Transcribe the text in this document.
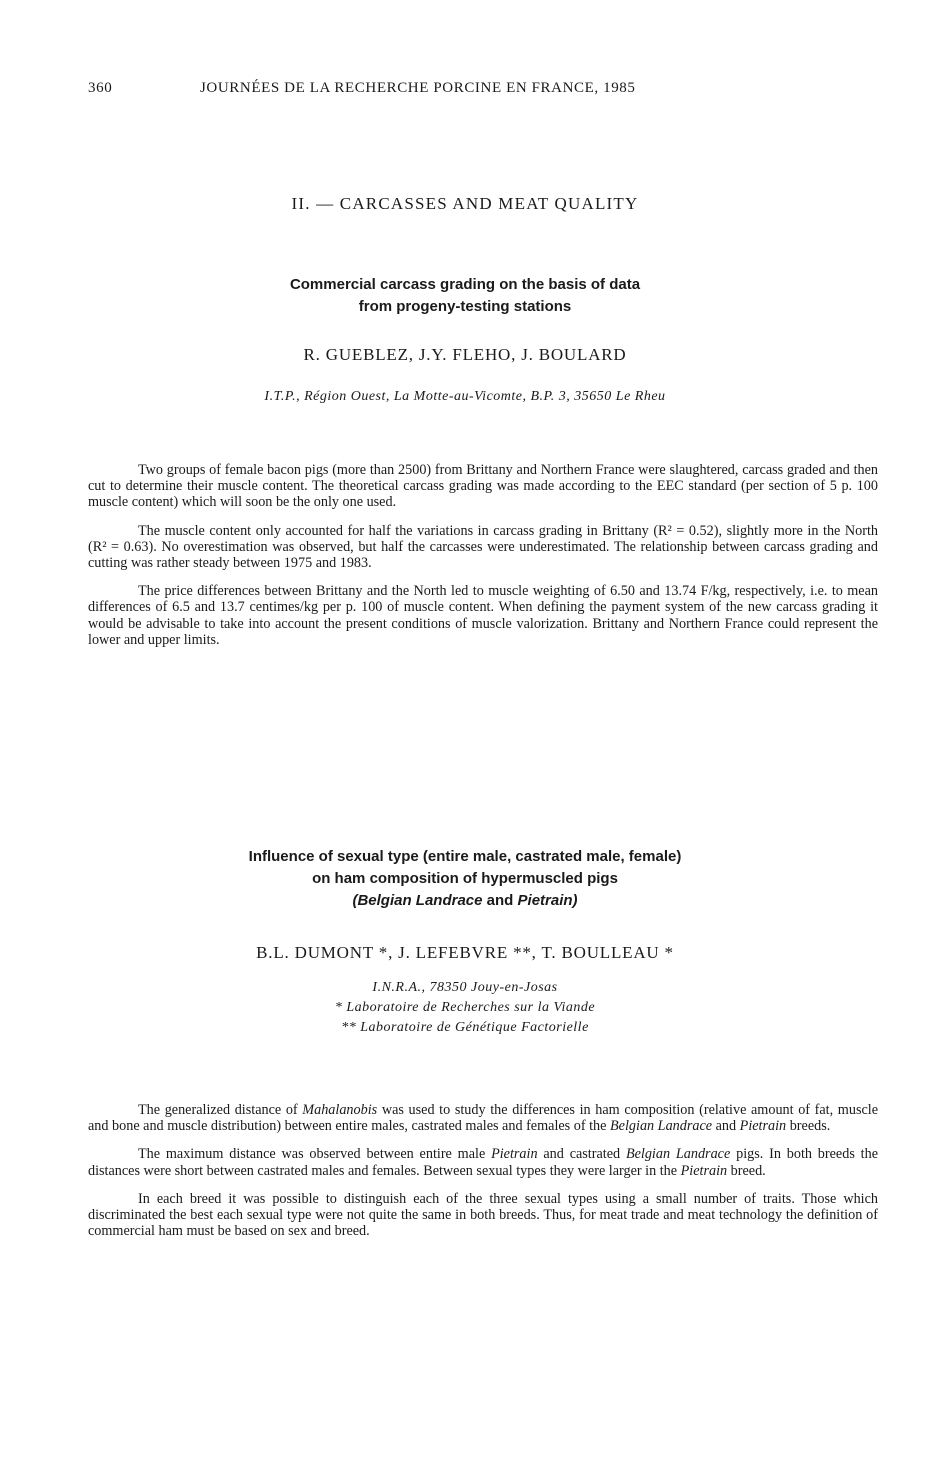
360	JOURNÉES DE LA RECHERCHE PORCINE EN FRANCE, 1985
II. — CARCASSES AND MEAT QUALITY
Commercial carcass grading on the basis of data
from progeny-testing stations
R. GUEBLEZ, J.Y. FLEHO, J. BOULARD
I.T.P., Région Ouest, La Motte-au-Vicomte, B.P. 3, 35650 Le Rheu

Two groups of female bacon pigs (more than 2500) from Brittany and Northern France were slaughtered, carcass graded and then cut to determine their muscle content. The theoretical carcass grading was made according to the EEC standard (per section of 5 p. 100 muscle content) which will soon be the only one used.

The muscle content only accounted for half the variations in carcass grading in Brittany (R² = 0.52), slightly more in the North (R² = 0.63). No overestimation was observed, but half the carcasses were underestimated. The relationship between carcass grading and cutting was rather steady between 1975 and 1983.

The price differences between Brittany and the North led to muscle weighting of 6.50 and 13.74 F/kg, respectively, i.e. to mean differences of 6.5 and 13.7 centimes/kg per p. 100 of muscle content. When defining the payment system of the new carcass grading it would be advisable to take into account the present conditions of muscle valorization. Brittany and Northern France could represent the lower and upper limits.

Influence of sexual type (entire male, castrated male, female)
on ham composition of hypermuscled pigs
(Belgian Landrace and Pietrain)
B.L. DUMONT *, J. LEFEBVRE **, T. BOULLEAU *
I.N.R.A., 78350 Jouy-en-Josas
* Laboratoire de Recherches sur la Viande
** Laboratoire de Génétique Factorielle

The generalized distance of Mahalanobis was used to study the differences in ham composition (relative amount of fat, muscle and bone and muscle distribution) between entire males, castrated males and females of the Belgian Landrace and Pietrain breeds.

The maximum distance was observed between entire male Pietrain and castrated Belgian Landrace pigs. In both breeds the distances were short between castrated males and females. Between sexual types they were larger in the Pietrain breed.

In each breed it was possible to distinguish each of the three sexual types using a small number of traits. Those which discriminated the best each sexual type were not quite the same in both breeds. Thus, for meat trade and meat technology the definition of commercial ham must be based on sex and breed.
